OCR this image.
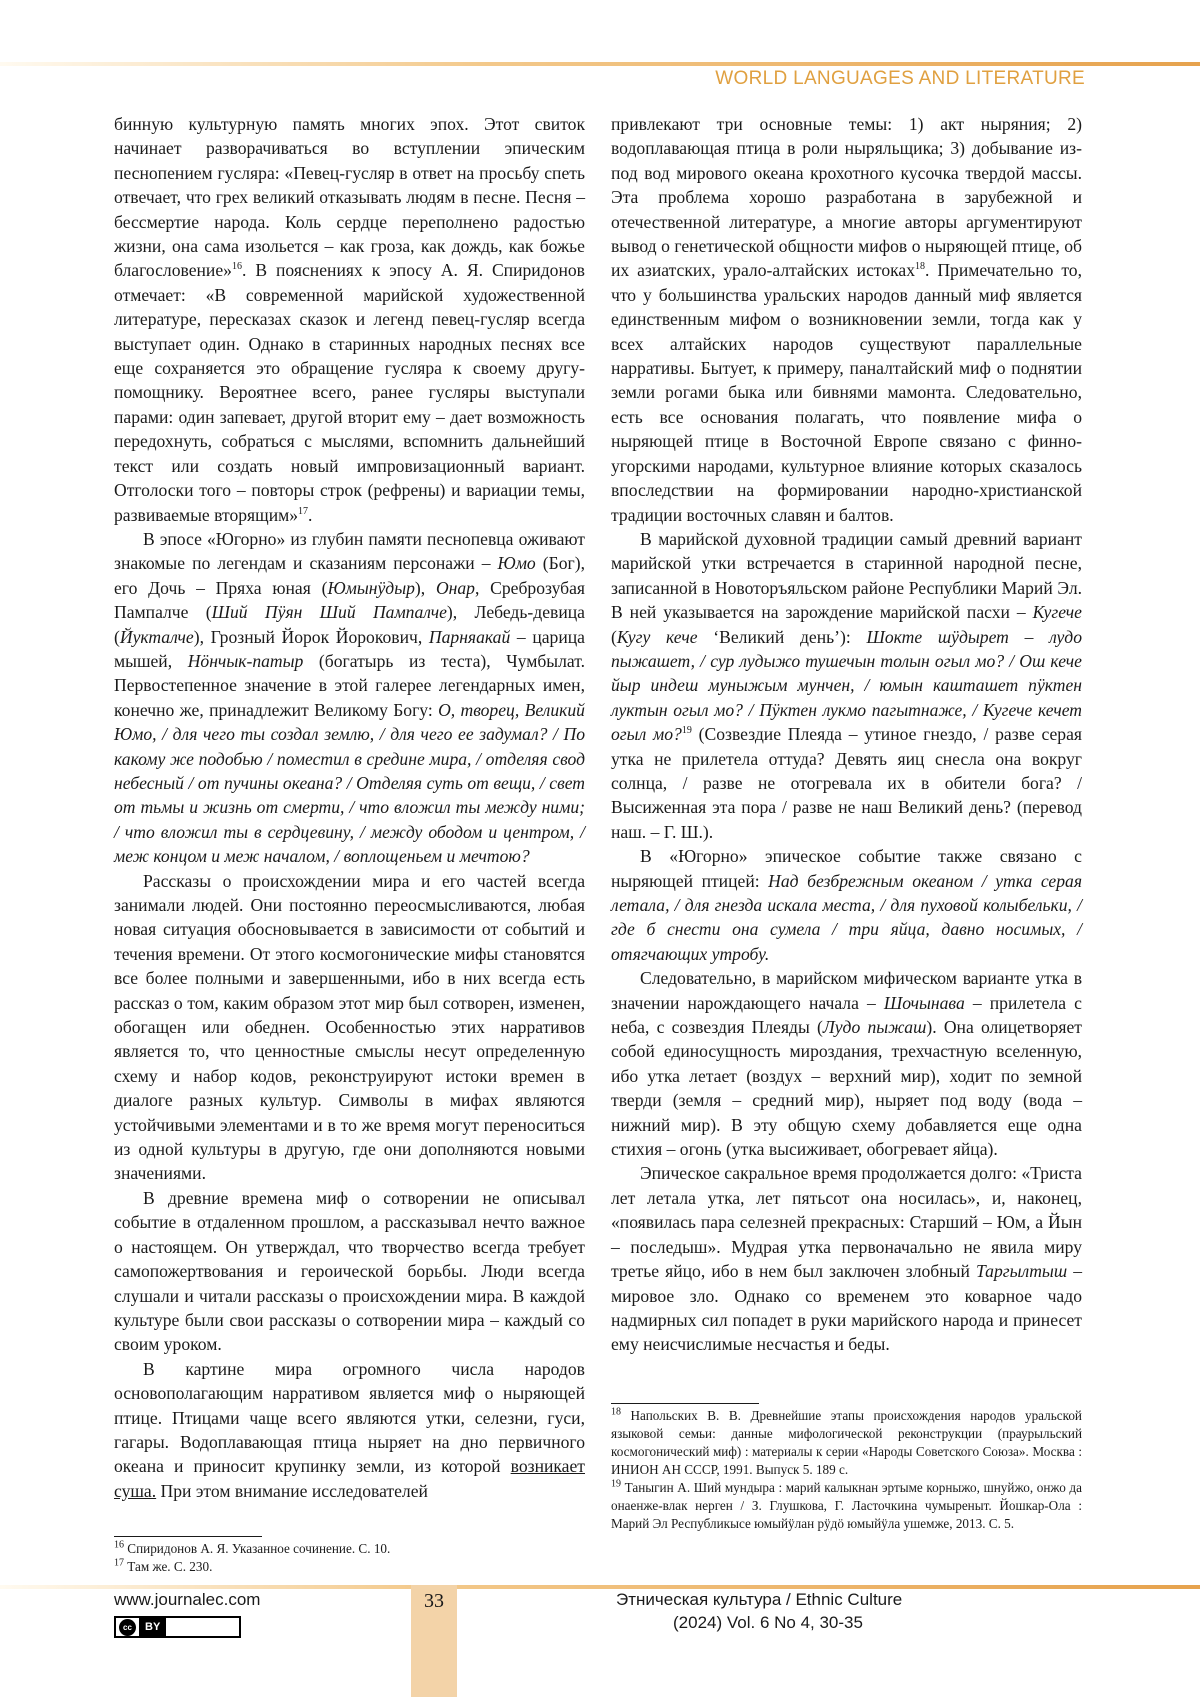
WORLD LANGUAGES AND LITERATURE

бинную культурную память многих эпох. Этот свиток начинает разворачиваться во вступлении эпическим песнопением гусляра: «Певец-гусляр в ответ на просьбу спеть отвечает, что грех великий отказывать людям в песне. Песня – бессмертие народа. Коль сердце переполнено радостью жизни, она сама изольется – как гроза, как дождь, как божье благословение»$^{16}$. В пояснениях к эпосу А. Я. Спиридонов отмечает: «В современной марийской художественной литературе, пересказах сказок и легенд певец-гусляр всегда выступает один. Однако в старинных народных песнях все еще сохраняется это обращение гусляра к своему другу-помощнику. Вероятнее всего, ранее гусляры выступали парами: один запевает, другой вторит ему – дает возможность передохнуть, собраться с мыслями, вспомнить дальнейший текст или создать новый импровизационный вариант. Отголоски того – повторы строк (рефрены) и вариации темы, развиваемые вторящим»$^{17}$.

В эпосе «Югорно» из глубин памяти песнопевца оживают знакомые по легендам и сказаниям персонажи – Юмо (Бог), его Дочь – Пряха юная (Юмынӱдыр), Онар, Среброзубая Пампалче (Ший Пӱян Ший Пампалче), Лебедь-девица (Йукталче), Грозный Йорок Йорокович, Парняакай – царица мышей, Нӧнчык-патыр (богатырь из теста), Чумбылат. Первостепенное значение в этой галерее легендарных имен, конечно же, принадлежит Великому Богу: О, творец, Великий Юмо, / для чего ты создал землю, / для чего ее задумал? / По какому же подобью / поместил в средине мира, / отделяя свод небесный / от пучины океана? / Отделяя суть от вещи, / свет от тьмы и жизнь от смерти, / что вложил ты между ними; / что вложил ты в сердцевину, / между ободом и центром, / меж концом и меж началом, / воплощеньем и мечтою?

Рассказы о происхождении мира и его частей всегда занимали людей. Они постоянно переосмысливаются, любая новая ситуация обосновывается в зависимости от событий и течения времени. От этого космогонические мифы становятся все более полными и завершенными, ибо в них всегда есть рассказ о том, каким образом этот мир был сотворен, изменен, обогащен или обеднен. Особенностью этих нарративов является то, что ценностные смыслы несут определенную схему и набор кодов, реконструируют истоки времен в диалоге разных культур. Символы в мифах являются устойчивыми элементами и в то же время могут переноситься из одной культуры в другую, где они дополняются новыми значениями.

В древние времена миф о сотворении не описывал событие в отдаленном прошлом, а рассказывал нечто важное о настоящем. Он утверждал, что творчество всегда требует самопожертвования и героической борьбы. Люди всегда слушали и читали рассказы о происхождении мира. В каждой культуре были свои рассказы о сотворении мира – каждый со своим уроком.

В картине мира огромного числа народов основополагающим нарративом является миф о ныряющей птице. Птицами чаще всего являются утки, селезни, гуси, гагары. Водоплавающая птица ныряет на дно первичного океана и приносит крупинку земли, из которой возникает суша. При этом внимание исследователей

$^{16}$ Спиридонов А. Я. Указанное сочинение. С. 10.

$^{17}$ Там же. С. 230.

привлекают три основные темы: 1) акт ныряния; 2) водоплавающая птица в роли ныряльщика; 3) добывание из-под вод мирового океана крохотного кусочка твердой массы. Эта проблема хорошо разработана в зарубежной и отечественной литературе, а многие авторы аргументируют вывод о генетической общности мифов о ныряющей птице, об их азиатских, урало-алтайских истоках$^{18}$. Примечательно то, что у большинства уральских народов данный миф является единственным мифом о возникновении земли, тогда как у всех алтайских народов существуют параллельные нарративы. Бытует, к примеру, паналтайский миф о поднятии земли рогами быка или бивнями мамонта. Следовательно, есть все основания полагать, что появление мифа о ныряющей птице в Восточной Европе связано с финно-угорскими народами, культурное влияние которых сказалось впоследствии на формировании народно-христианской традиции восточных славян и балтов.

В марийской духовной традиции самый древний вариант марийской утки встречается в старинной народной песне, записанной в Новоторъяльском районе Республики Марий Эл. В ней указывается на зарождение марийской пасхи – Кугече (Кугу кече ‘Великий день’): Шокте шӱдырет – лудо пыжашет, / сур лудыжо тушечын толын огыл мо? / Ош кече йыр индеш муныжым мунчен, / юмын кашташет пӱктен луктын огыл мо? / Пӱктен лукмо пагытнаже, / Кугече кечет огыл мо?$^{19}$ (Созвездие Плеяда – утиное гнездо, / разве серая утка не прилетела оттуда? Девять яиц снесла она вокруг солнца, / разве не отогревала их в обители бога? / Высиженная эта пора / разве не наш Великий день? (перевод наш. – Г. Ш.).

В «Югорно» эпическое событие также связано с ныряющей птицей: Над безбрежным океаном / утка серая летала, / для гнезда искала места, / для пуховой колыбельки, / где б снести она сумела / три яйца, давно носимых, / отягчающих утробу.

Следовательно, в марийском мифическом варианте утка в значении нарождающего начала – Шочынава – прилетела с неба, с созвездия Плеяды (Лудо пыжаш). Она олицетворяет собой единосущность мироздания, трехчастную вселенную, ибо утка летает (воздух – верхний мир), ходит по земной тверди (земля – средний мир), ныряет под воду (вода – нижний мир). В эту общую схему добавляется еще одна стихия – огонь (утка высиживает, обогревает яйца).

Эпическое сакральное время продолжается долго: «Триста лет летала утка, лет пятьсот она носилась», и, наконец, «появилась пара селезней прекрасных: Старший – Юм, а Йын – последыш». Мудрая утка первоначально не явила миру третье яйцо, ибо в нем был заключен злобный Таргылтыш – мировое зло. Однако со временем это коварное чадо надмирных сил попадет в руки марийского народа и принесет ему неисчислимые несчастья и беды.

$^{18}$ Напольских В. В. Древнейшие этапы происхождения народов уральской языковой семьи: данные мифологической реконструкции (праурыльский космогонический миф) : материалы к серии «Народы Советского Союза». Москва : ИНИОН АН СССР, 1991. Выпуск 5. 189 с.

$^{19}$ Таныгин А. Ший мундыра : марий калыкнан эртыме корныжо, шнуйжо, онжо да онаенже-влак нерген / З. Глушкова, Г. Ласточкина чумыреныт. Йошкар-Ола : Марий Эл Республикысе юмыйӱлан рӱдӧ юмыйӱла ушемже, 2013. С. 5.

33
www.journalec.com
cc	BY
Этническая культура / Ethnic Culture
(2024) Vol. 6 No 4, 30-35
